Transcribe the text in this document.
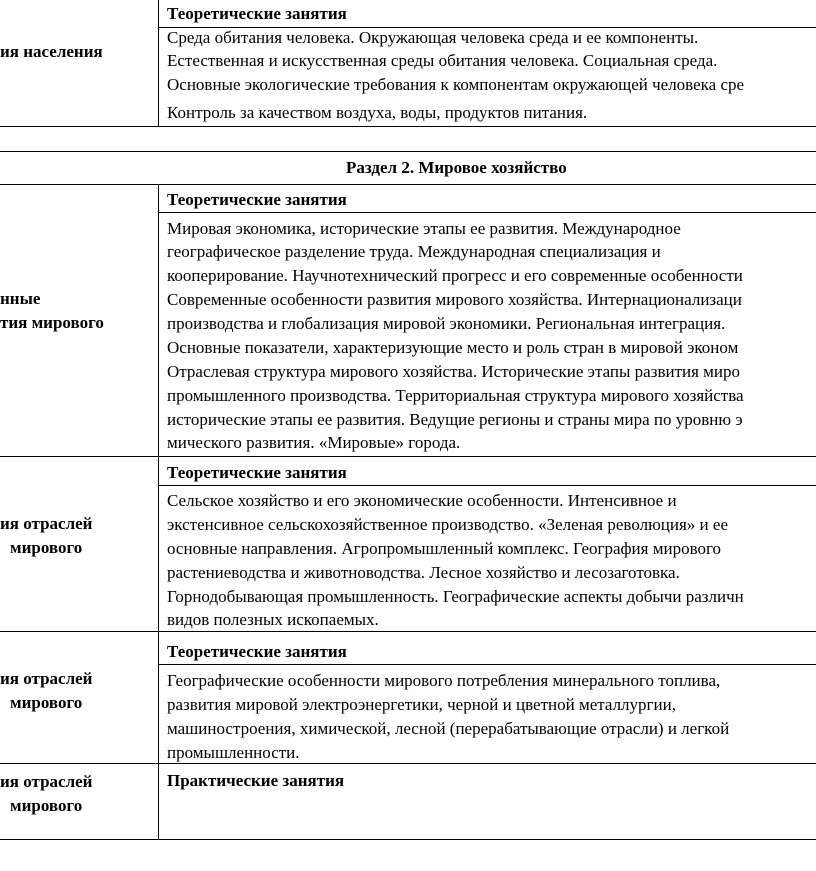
ия населения
Теоретические занятия
Среда обитания человека. Окружающая человека среда и ее компоненты.
Естественная и искусственная среды обитания человека. Социальная среда.
Основные экологические требования к компонентам окружающей человека сре
Контроль за качеством воздуха, воды, продуктов питания.
Раздел 2. Мировое хозяйство
нные
тия мирового
Теоретические занятия
Мировая экономика, исторические этапы ее развития. Международное
географическое разделение труда. Международная специализация и
кооперирование. Научнотехнический прогресс и его современные особенности
Современные особенности развития мирового хозяйства. Интернационализаци
производства и глобализация мировой экономики. Региональная интеграция.
Основные показатели, характеризующие место и роль стран в мировой эконом
Отраслевая структура мирового хозяйства. Исторические этапы развития миро
промышленного производства. Территориальная структура мирового хозяйства
исторические этапы ее развития. Ведущие регионы и страны мира по уровню э
мического развития. «Мировые» города.
ия отраслей
мирового
Теоретические занятия
Сельское хозяйство и его экономические особенности. Интенсивное и
экстенсивное сельскохозяйственное производство. «Зеленая революция» и ее
основные направления. Агропромышленный комплекс. География мирового
растениеводства и животноводства. Лесное хозяйство и лесозаготовка.
Горнодобывающая промышленность. Географические аспекты добычи различн
видов полезных ископаемых.
ия отраслей
мирового
Теоретические занятия
Географические особенности мирового потребления минерального топлива,
развития мировой электроэнергетики, черной и цветной металлургии,
машиностроения, химической, лесной (перерабатывающие отрасли) и легкой
промышленности.
ия отраслей
мирового
Практические занятия
